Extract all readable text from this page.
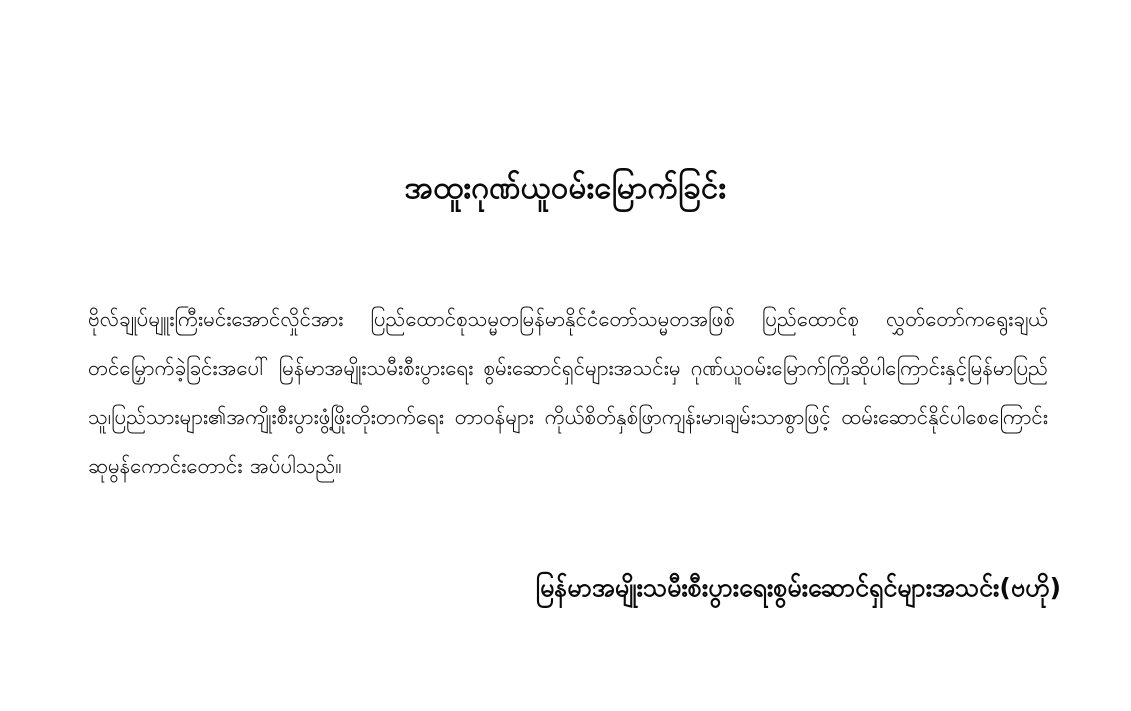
အထူးဂုဏ်ယူဝမ်းမြောက်ခြင်း

ဗိုလ်ချုပ်မျူးကြီးမင်းအောင်လှိုင်အား ပြည်ထောင်စုသမ္မတမြန်မာနိုင်ငံတော်သမ္မတအဖြစ် ပြည်ထောင်စု လွှတ်တော်ကရွေးချယ်တင်မြှောက်ခဲ့ခြင်းအပေါ် မြန်မာအမျိုးသမီးစီးပွားရေး စွမ်းဆောင်ရှင်များအသင်းမှ ဂုဏ်ယူဝမ်းမြောက်ကြိုဆိုပါကြောင်းနှင့်မြန်မာပြည်သူ၊ပြည်သားများ၏အကျိုးစီးပွားဖွံ့ဖြိုးတိုးတက်ရေး တာဝန်များ ကိုယ်စိတ်နှစ်ဖြာကျန်းမာ၊ချမ်းသာစွာဖြင့် ထမ်းဆောင်နိုင်ပါစေကြောင်း ဆုမွန်ကောင်းတောင်း အပ်ပါသည်။

မြန်မာအမျိုးသမီးစီးပွားရေးစွမ်းဆောင်ရှင်များအသင်း(ဗဟို)
